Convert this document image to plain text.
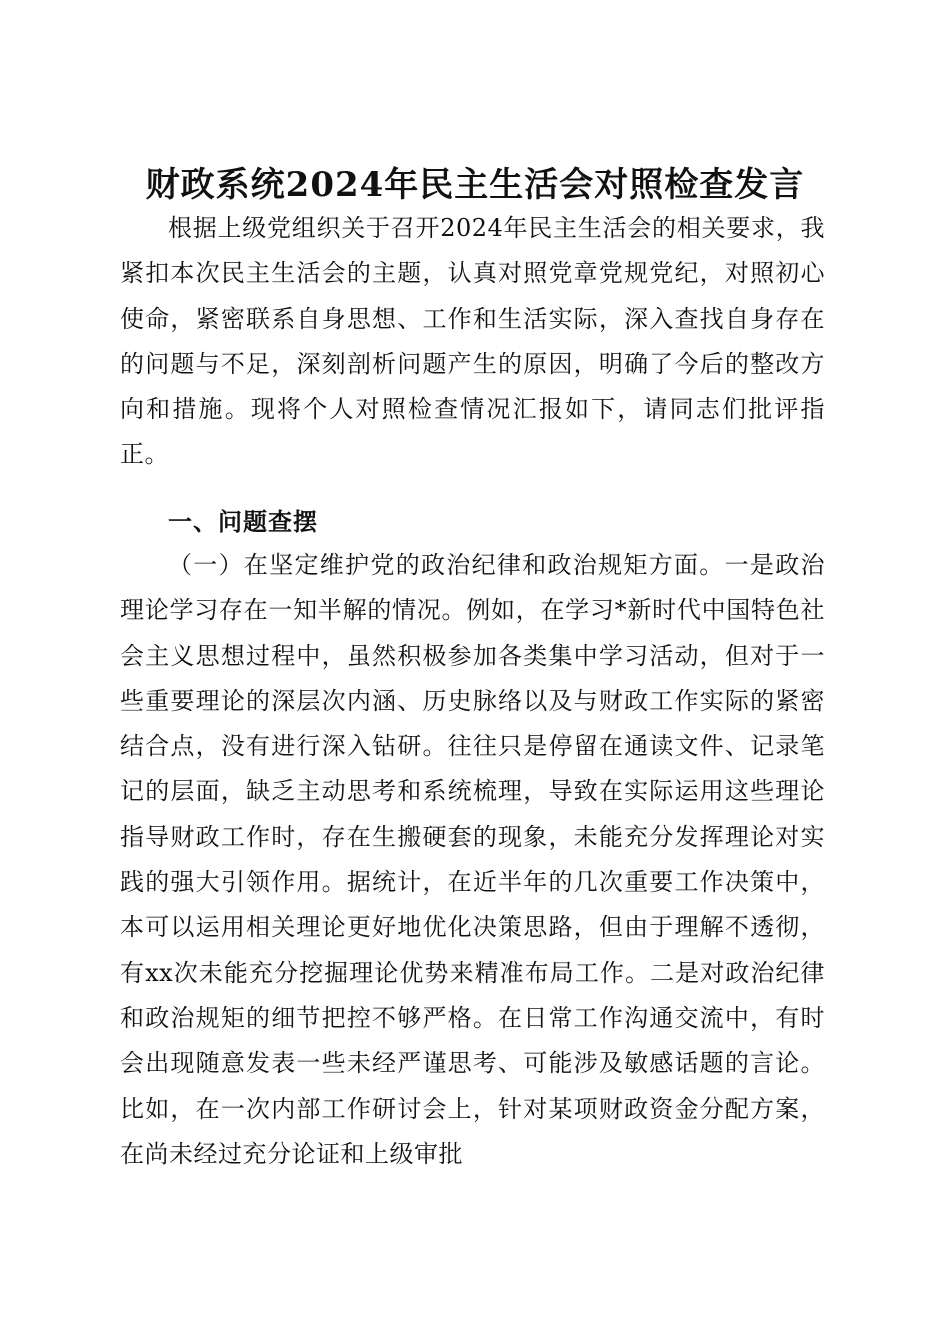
财政系统2024年民主生活会对照检查发言

根据上级党组织关于召开2024年民主生活会的相关要求，我紧扣本次民主生活会的主题，认真对照党章党规党纪，对照初心使命，紧密联系自身思想、工作和生活实际，深入查找自身存在的问题与不足，深刻剖析问题产生的原因，明确了今后的整改方向和措施。现将个人对照检查情况汇报如下，请同志们批评指正。

一、问题查摆

（一）在坚定维护党的政治纪律和政治规矩方面。一是政治理论学习存在一知半解的情况。例如，在学习*新时代中国特色社会主义思想过程中，虽然积极参加各类集中学习活动，但对于一些重要理论的深层次内涵、历史脉络以及与财政工作实际的紧密结合点，没有进行深入钻研。往往只是停留在通读文件、记录笔记的层面，缺乏主动思考和系统梳理，导致在实际运用这些理论指导财政工作时，存在生搬硬套的现象，未能充分发挥理论对实践的强大引领作用。据统计，在近半年的几次重要工作决策中，本可以运用相关理论更好地优化决策思路，但由于理解不透彻，有xx次未能充分挖掘理论优势来精准布局工作。二是对政治纪律和政治规矩的细节把控不够严格。在日常工作沟通交流中，有时会出现随意发表一些未经严谨思考、可能涉及敏感话题的言论。比如，在一次内部工作研讨会上，针对某项财政资金分配方案，在尚未经过充分论证和上级审批
